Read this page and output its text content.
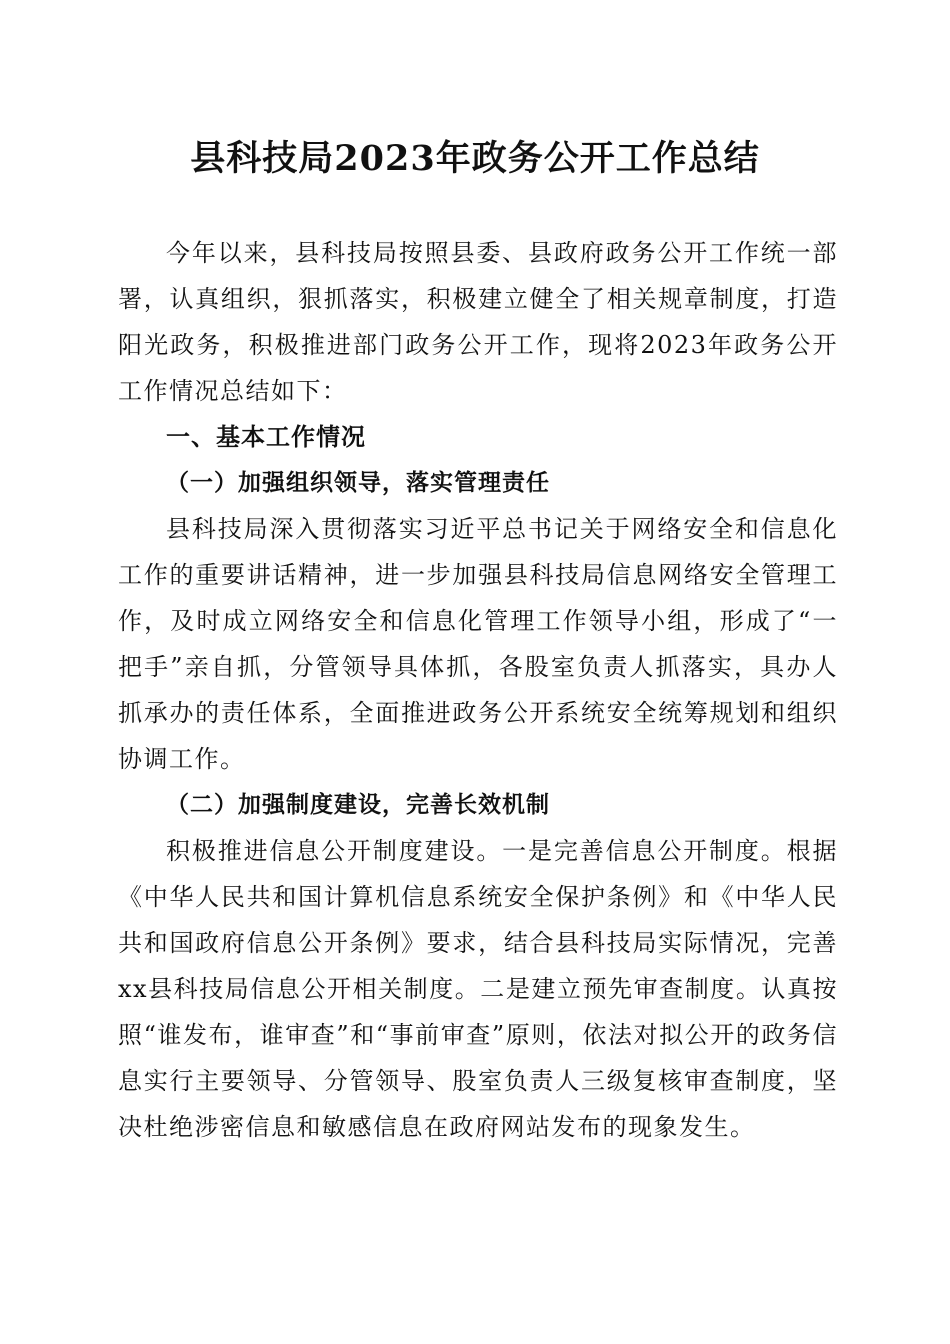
县科技局2023年政务公开工作总结

今年以来，县科技局按照县委、县政府政务公开工作统一部署，认真组织，狠抓落实，积极建立健全了相关规章制度，打造阳光政务，积极推进部门政务公开工作，现将2023年政务公开工作情况总结如下：

一、基本工作情况

（一）加强组织领导，落实管理责任

县科技局深入贯彻落实习近平总书记关于网络安全和信息化工作的重要讲话精神，进一步加强县科技局信息网络安全管理工作，及时成立网络安全和信息化管理工作领导小组，形成了“一把手”亲自抓，分管领导具体抓，各股室负责人抓落实，具办人抓承办的责任体系，全面推进政务公开系统安全统筹规划和组织协调工作。

（二）加强制度建设，完善长效机制

积极推进信息公开制度建设。一是完善信息公开制度。根据《中华人民共和国计算机信息系统安全保护条例》和《中华人民共和国政府信息公开条例》要求，结合县科技局实际情况，完善xx县科技局信息公开相关制度。二是建立预先审查制度。认真按照“谁发布，谁审查”和“事前审查”原则，依法对拟公开的政务信息实行主要领导、分管领导、股室负责人三级复核审查制度，坚决杜绝涉密信息和敏感信息在政府网站发布的现象发生。
